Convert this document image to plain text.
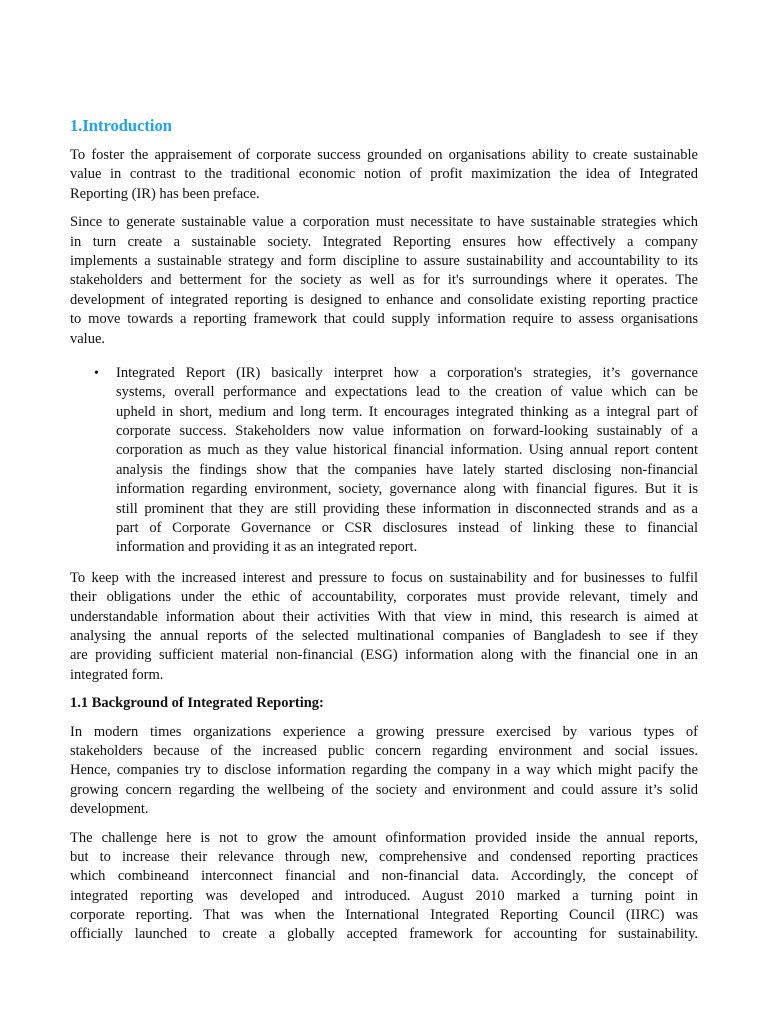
1.Introduction
To foster the appraisement of corporate success grounded on organisations ability to create sustainable
value in contrast to the traditional economic notion of profit maximization the idea of Integrated
Reporting (IR) has been preface.
Since to generate sustainable value a corporation must necessitate to have sustainable strategies which
in turn create a sustainable society. Integrated Reporting ensures how effectively a company
implements a sustainable strategy and form discipline to assure sustainability and accountability to its
stakeholders and betterment for the society as well as for it's surroundings where it operates. The
development of integrated reporting is designed to enhance and consolidate existing reporting practice
to move towards a reporting framework that could supply information require to assess organisations
value.
• Integrated Report (IR) basically interpret how a corporation's strategies, it’s governance
systems, overall performance and expectations lead to the creation of value which can be
upheld in short, medium and long term. It encourages integrated thinking as a integral part of
corporate success. Stakeholders now value information on forward-looking sustainably of a
corporation as much as they value historical financial information. Using annual report content
analysis the findings show that the companies have lately started disclosing non-financial
information regarding environment, society, governance along with financial figures. But it is
still prominent that they are still providing these information in disconnected strands and as a
part of Corporate Governance or CSR disclosures instead of linking these to financial
information and providing it as an integrated report.
To keep with the increased interest and pressure to focus on sustainability and for businesses to fulfil
their obligations under the ethic of accountability, corporates must provide relevant, timely and
understandable information about their activities With that view in mind, this research is aimed at
analysing the annual reports of the selected multinational companies of Bangladesh to see if they
are providing sufficient material non-financial (ESG) information along with the financial one in an
integrated form.
1.1 Background of Integrated Reporting:
In modern times organizations experience a growing pressure exercised by various types of
stakeholders because of the increased public concern regarding environment and social issues.
Hence, companies try to disclose information regarding the company in a way which might pacify the
growing concern regarding the wellbeing of the society and environment and could assure it’s solid
development.
The challenge here is not to grow the amount ofinformation provided inside the annual reports,
but to increase their relevance through new, comprehensive and condensed reporting practices
which combineand interconnect financial and non-financial data. Accordingly, the concept of
integrated reporting was developed and introduced. August 2010 marked a turning point in
corporate reporting. That was when the International Integrated Reporting Council (IIRC) was
officially launched to create a globally accepted framework for accounting for sustainability.
